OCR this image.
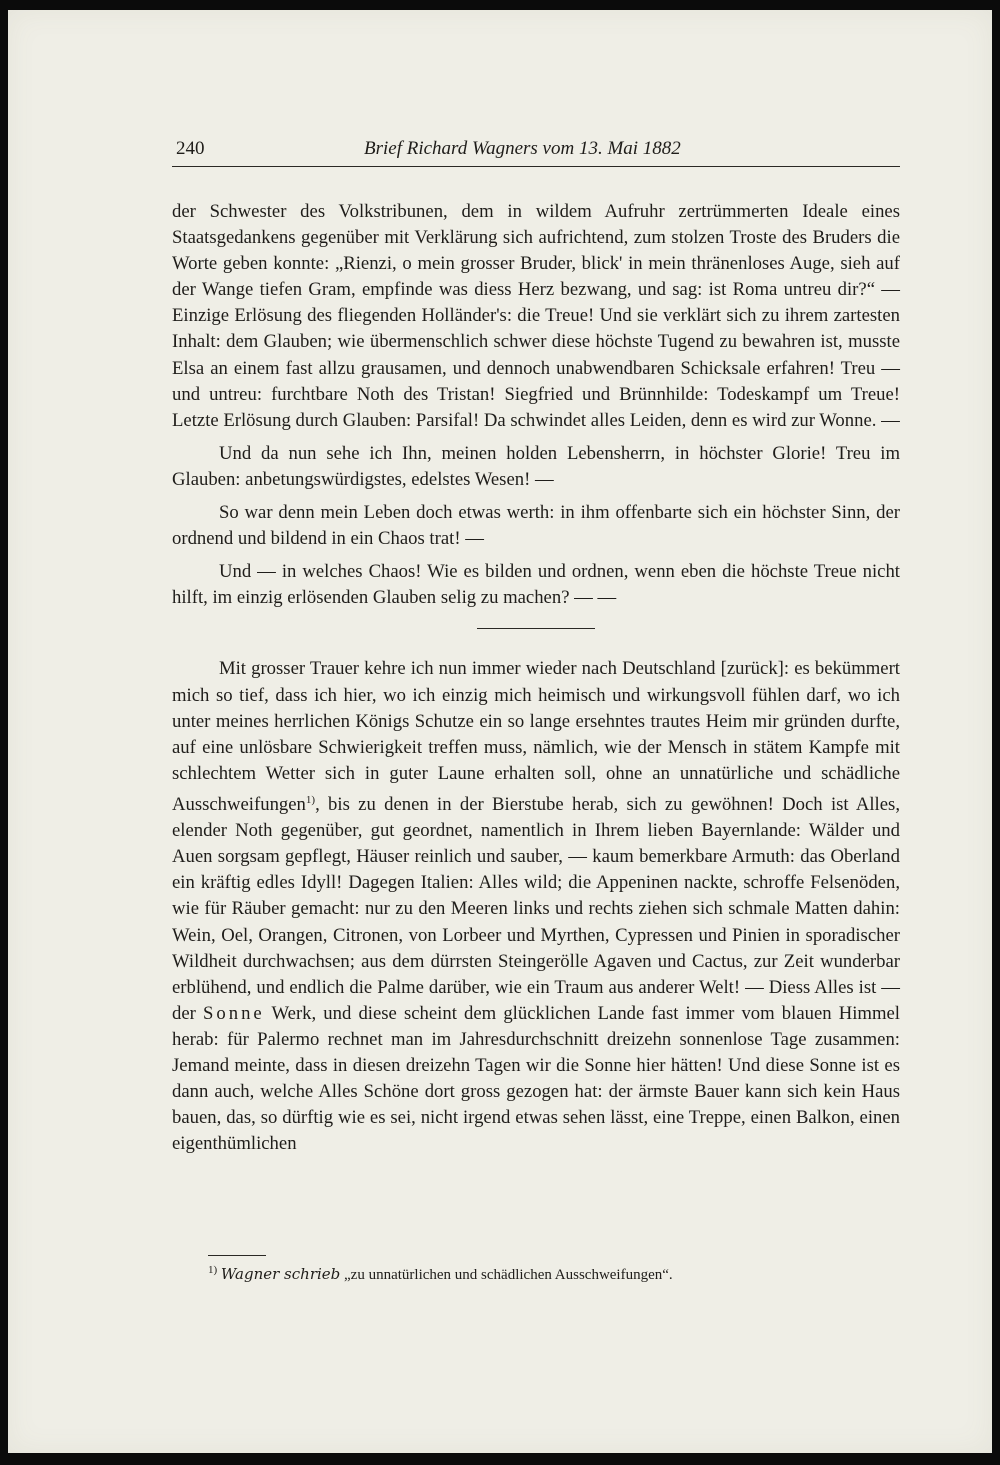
240	Brief Richard Wagners vom 13. Mai 1882

der Schwester des Volkstribunen, dem in wildem Aufruhr zertrümmerten Ideale eines Staatsgedankens gegenüber mit Verklärung sich aufrichtend, zum stolzen Troste des Bruders die Worte geben konnte: „Rienzi, o mein grosser Bruder, blick' in mein thränenloses Auge, sieh auf der Wange tiefen Gram, empfinde was diess Herz bezwang, und sag: ist Roma untreu dir?“ — Einzige Erlösung des fliegenden Holländer's: die Treue! Und sie verklärt sich zu ihrem zartesten Inhalt: dem Glauben; wie übermenschlich schwer diese höchste Tugend zu bewahren ist, musste Elsa an einem fast allzu grausamen, und dennoch unabwendbaren Schicksale erfahren! Treu — und untreu: furchtbare Noth des Tristan! Siegfried und Brünnhilde: Todeskampf um Treue! Letzte Erlösung durch Glauben: Parsifal! Da schwindet alles Leiden, denn es wird zur Wonne. —

Und da nun sehe ich Ihn, meinen holden Lebensherrn, in höchster Glorie! Treu im Glauben: anbetungswürdigstes, edelstes Wesen! —

So war denn mein Leben doch etwas werth: in ihm offenbarte sich ein höchster Sinn, der ordnend und bildend in ein Chaos trat! —

Und — in welches Chaos! Wie es bilden und ordnen, wenn eben die höchste Treue nicht hilft, im einzig erlösenden Glauben selig zu machen? — —

Mit grosser Trauer kehre ich nun immer wieder nach Deutschland [zurück]: es bekümmert mich so tief, dass ich hier, wo ich einzig mich heimisch und wirkungsvoll fühlen darf, wo ich unter meines herrlichen Königs Schutze ein so lange ersehntes trautes Heim mir gründen durfte, auf eine unlösbare Schwierigkeit treffen muss, nämlich, wie der Mensch in stätem Kampfe mit schlechtem Wetter sich in guter Laune erhalten soll, ohne an unnatürliche und schädliche Ausschweifungen$^{1)}$, bis zu denen in der Bierstube herab, sich zu gewöhnen! Doch ist Alles, elender Noth gegenüber, gut geordnet, namentlich in Ihrem lieben Bayernlande: Wälder und Auen sorgsam gepflegt, Häuser reinlich und sauber, — kaum bemerkbare Armuth: das Oberland ein kräftig edles Idyll! Dagegen Italien: Alles wild; die Appeninen nackte, schroffe Felsenöden, wie für Räuber gemacht: nur zu den Meeren links und rechts ziehen sich schmale Matten dahin: Wein, Oel, Orangen, Citronen, von Lorbeer und Myrthen, Cypressen und Pinien in sporadischer Wildheit durchwachsen; aus dem dürrsten Steingerölle Agaven und Cactus, zur Zeit wunderbar erblühend, und endlich die Palme darüber, wie ein Traum aus anderer Welt! — Diess Alles ist — der Sonne Werk, und diese scheint dem glücklichen Lande fast immer vom blauen Himmel herab: für Palermo rechnet man im Jahresdurchschnitt dreizehn sonnenlose Tage zusammen: Jemand meinte, dass in diesen dreizehn Tagen wir die Sonne hier hätten! Und diese Sonne ist es dann auch, welche Alles Schöne dort gross gezogen hat: der ärmste Bauer kann sich kein Haus bauen, das, so dürftig wie es sei, nicht irgend etwas sehen lässt, eine Treppe, einen Balkon, einen eigenthümlichen

$^{1)}$ Wagner schrieb „zu unnatürlichen und schädlichen Ausschweifungen“.
